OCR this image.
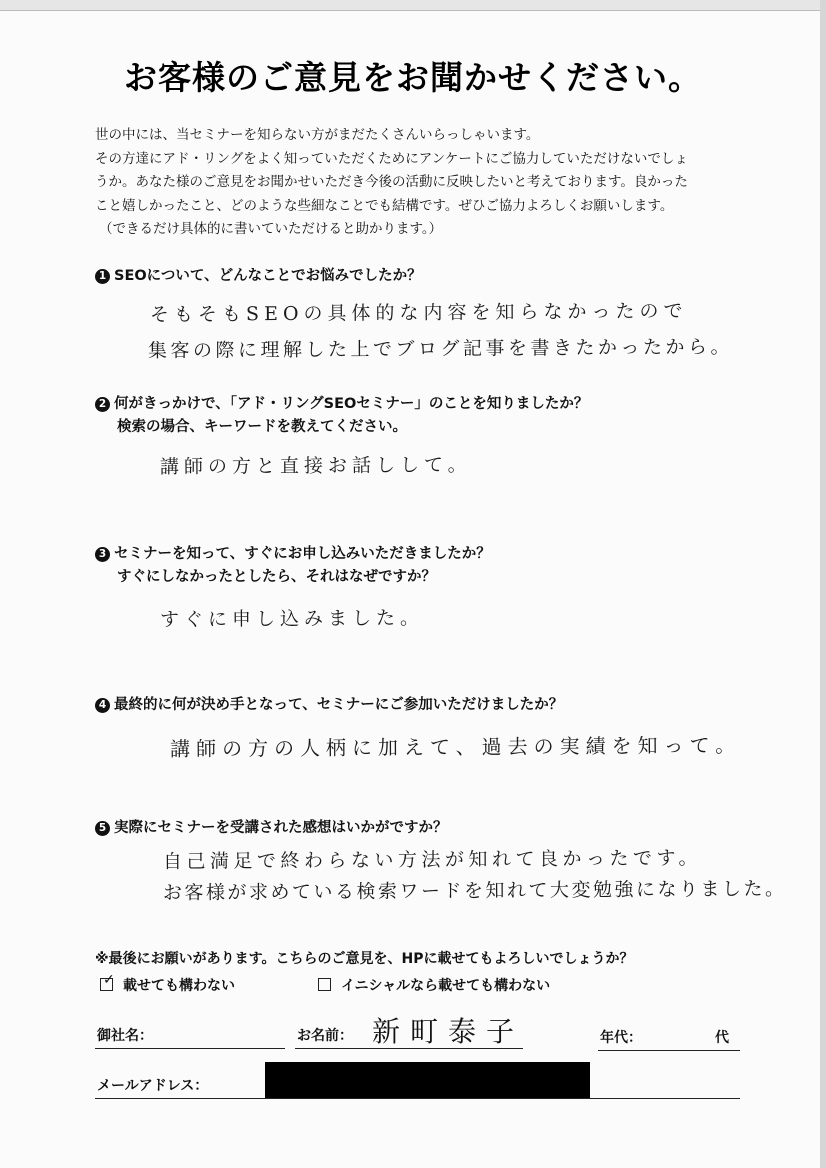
お客様のご意見をお聞かせください。
世の中には、当セミナーを知らない方がまだたくさんいらっしゃいます。
その方達にアド・リングをよく知っていただくためにアンケートにご協力していただけないでしょ
うか。あなた様のご意見をお聞かせいただき今後の活動に反映したいと考えております。良かった
こと嬉しかったこと、どのような些細なことでも結構です。ぜひご協力よろしくお願いします。
（できるだけ具体的に書いていただけると助かります。）
1 SEOについて、どんなことでお悩みでしたか？
そもそもSEOの具体的な内容を知らなかったので
集客の際に理解した上でブログ記事を書きたかったから。
2 何がきっかけで、「アド・リングSEOセミナー」のことを知りましたか？
検索の場合、キーワードを教えてください。
講師の方と直接お話しして。
3 セミナーを知って、すぐにお申し込みいただきましたか？
すぐにしなかったとしたら、それはなぜですか？
すぐに申し込みました。
4 最終的に何が決め手となって、セミナーにご参加いただけましたか？
講師の方の人柄に加えて、過去の実績を知って。
5 実際にセミナーを受講された感想はいかがですか？
自己満足で終わらない方法が知れて良かったです。
お客様が求めている検索ワードを知れて大変勉強になりました。
※最後にお願いがあります。こちらのご意見を、HPに載せてもよろしいでしょうか？
✓ 載せても構わない	イニシャルなら載せても構わない
御社名：	お名前： 新町泰子	年代：	代
メールアドレス：
